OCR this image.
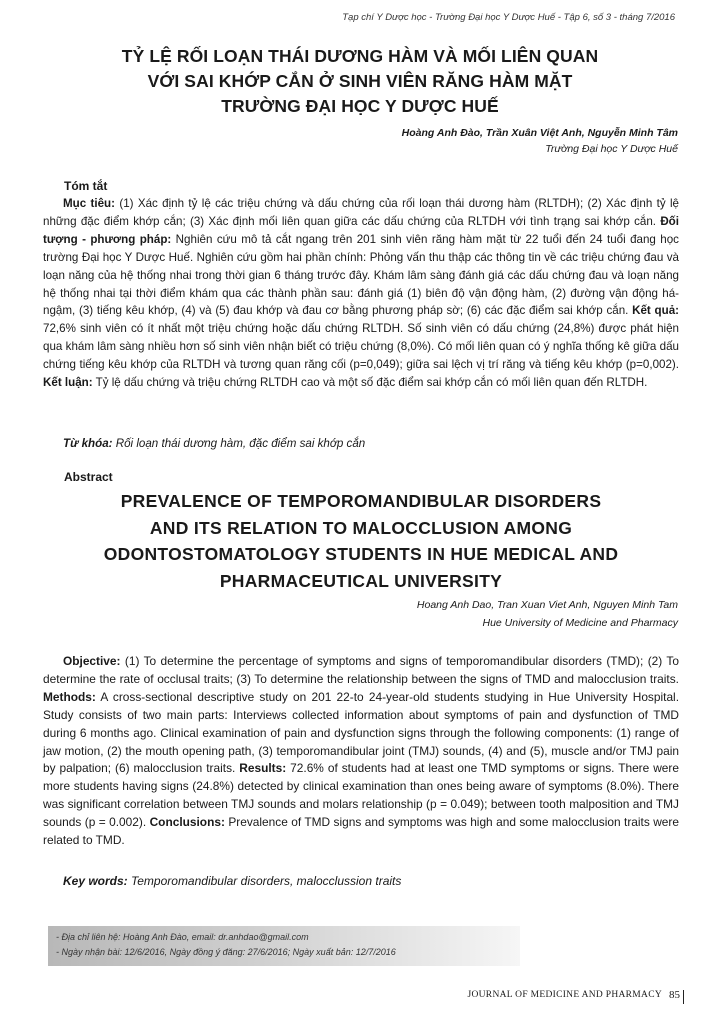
Tạp chí Y Dược học - Trường Đại học Y Dược Huế - Tập 6, số 3 - tháng 7/2016
TỶ LỆ RỐI LOẠN THÁI DƯƠNG HÀM VÀ MỐI LIÊN QUAN
VỚI SAI KHỚP CẮN Ở SINH VIÊN RĂNG HÀM MẶT
TRƯỜNG ĐẠI HỌC Y DƯỢC HUẾ
Hoàng Anh Đào, Trần Xuân Việt Anh, Nguyễn Minh Tâm
Trường Đại học Y Dược Huế
Tóm tắt

Mục tiêu: (1) Xác định tỷ lệ các triệu chứng và dấu chứng của rối loạn thái dương hàm (RLTDH); (2) Xác định tỷ lệ những đặc điểm khớp cắn; (3) Xác định mối liên quan giữa các dấu chứng của RLTDH với tình trạng sai khớp cắn. Đối tượng - phương pháp: Nghiên cứu mô tả cắt ngang trên 201 sinh viên răng hàm mặt từ 22 tuổi đến 24 tuổi đang học trường Đại học Y Dược Huế. Nghiên cứu gồm hai phần chính: Phỏng vấn thu thập các thông tin về các triệu chứng đau và loạn năng của hệ thống nhai trong thời gian 6 tháng trước đây. Khám lâm sàng đánh giá các dấu chứng đau và loạn năng hệ thống nhai tại thời điểm khám qua các thành phần sau: đánh giá (1) biên độ vận động hàm, (2) đường vận động há-ngậm, (3) tiếng kêu khớp, (4) và (5) đau khớp và đau cơ bằng phương pháp sờ; (6) các đặc điểm sai khớp cắn. Kết quả: 72,6% sinh viên có ít nhất một triệu chứng hoặc dấu chứng RLTDH. Số sinh viên có dấu chứng (24,8%) được phát hiện qua khám lâm sàng nhiều hơn số sinh viên nhận biết có triệu chứng (8,0%). Có mối liên quan có ý nghĩa thống kê giữa dấu chứng tiếng kêu khớp của RLTDH và tương quan răng cối (p=0,049); giữa sai lệch vị trí răng và tiếng kêu khớp (p=0,002). Kết luận: Tỷ lệ dấu chứng và triệu chứng RLTDH cao và một số đặc điểm sai khớp cắn có mối liên quan đến RLTDH.

Từ khóa: Rối loạn thái dương hàm, đặc điểm sai khớp cắn
Abstract
PREVALENCE OF TEMPOROMANDIBULAR DISORDERS
AND ITS RELATION TO MALOCCLUSION AMONG
ODONTOSTOMATOLOGY STUDENTS IN HUE MEDICAL AND
PHARMACEUTICAL UNIVERSITY
Hoang Anh Dao, Tran Xuan Viet Anh, Nguyen Minh Tam
Hue University of Medicine and Pharmacy

Objective: (1) To determine the percentage of symptoms and signs of temporomandibular disorders (TMD); (2) To determine the rate of occlusal traits; (3) To determine the relationship between the signs of TMD and malocclusion traits. Methods: A cross-sectional descriptive study on 201 22-to 24-year-old students studying in Hue University Hospital. Study consists of two main parts: Interviews collected information about symptoms of pain and dysfunction of TMD during 6 months ago. Clinical examination of pain and dysfunction signs through the following components: (1) range of jaw motion, (2) the mouth opening path, (3) temporomandibular joint (TMJ) sounds, (4) and (5), muscle and/or TMJ pain by palpation; (6) malocclusion traits. Results: 72.6% of students had at least one TMD symptoms or signs. There were more students having signs (24.8%) detected by clinical examination than ones being aware of symptoms (8.0%). There was significant correlation between TMJ sounds and molars relationship (p = 0.049); between tooth malposition and TMJ sounds (p = 0.002). Conclusions: Prevalence of TMD signs and symptoms was high and some malocclusion traits were related to TMD.

Key words: Temporomandibular disorders, malocclussion traits
- Địa chỉ liên hệ: Hoàng Anh Đào, email: dr.anhdao@gmail.com
- Ngày nhận bài: 12/6/2016, Ngày đồng ý đăng: 27/6/2016; Ngày xuất bản: 12/7/2016
JOURNAL OF MEDICINE AND PHARMACY 85
